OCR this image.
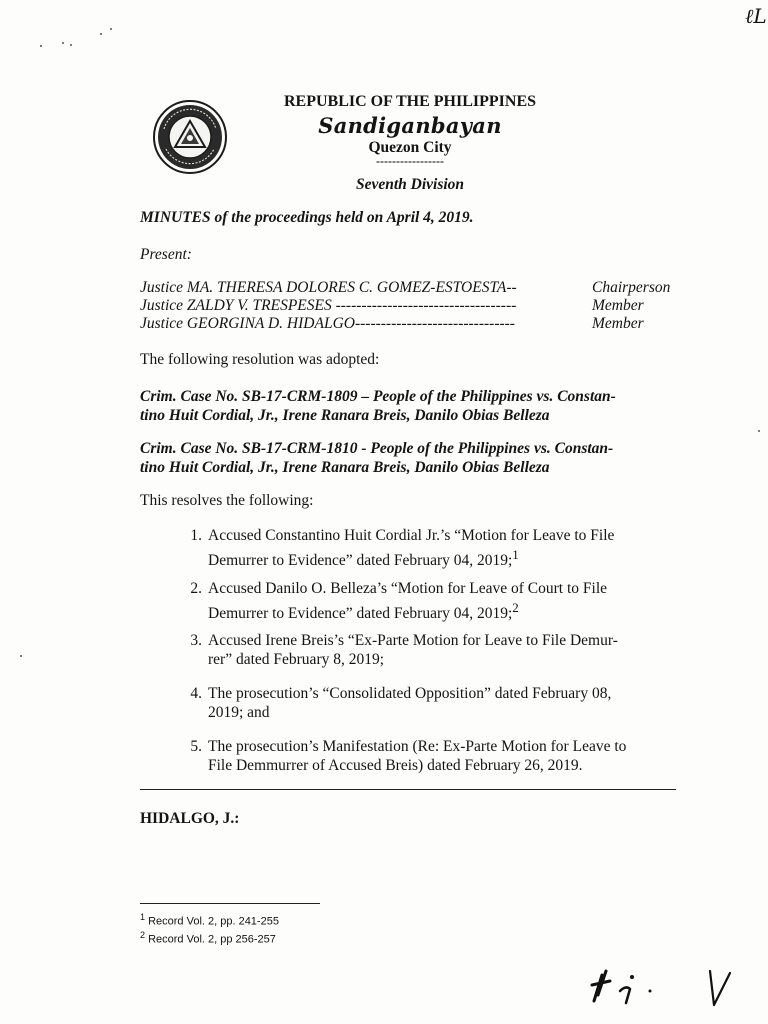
ℓL
REPUBLIC OF THE PHILIPPINES
Sandiganbayan
Quezon City
-----------------
Seventh Division
MINUTES of the proceedings held on April 4, 2019.
Present:
Justice MA. THERESA DOLORES C. GOMEZ-ESTOESTA--	Chairperson
Justice ZALDY V. TRESPESES -----------------------------------	Member
Justice GEORGINA D. HIDALGO-------------------------------	Member
The following resolution was adopted:
Crim. Case No. SB-17-CRM-1809 – People of the Philippines vs. Constan-
tino Huit Cordial, Jr., Irene Ranara Breis, Danilo Obias Belleza
Crim. Case No. SB-17-CRM-1810 - People of the Philippines vs. Constan-
tino Huit Cordial, Jr., Irene Ranara Breis, Danilo Obias Belleza
This resolves the following:
1. Accused Constantino Huit Cordial Jr.’s “Motion for Leave to File
Demurrer to Evidence” dated February 04, 2019;$^1$
2. Accused Danilo O. Belleza’s “Motion for Leave of Court to File
Demurrer to Evidence” dated February 04, 2019;$^2$
3. Accused Irene Breis’s “Ex-Parte Motion for Leave to File Demur-
rer” dated February 8, 2019;
4. The prosecution’s “Consolidated Opposition” dated February 08,
2019; and
5. The prosecution’s Manifestation (Re: Ex-Parte Motion for Leave to
File Demmurrer of Accused Breis) dated February 26, 2019.
HIDALGO, J.:
$^1$ Record Vol. 2, pp. 241-255
$^2$ Record Vol. 2, pp 256-257
